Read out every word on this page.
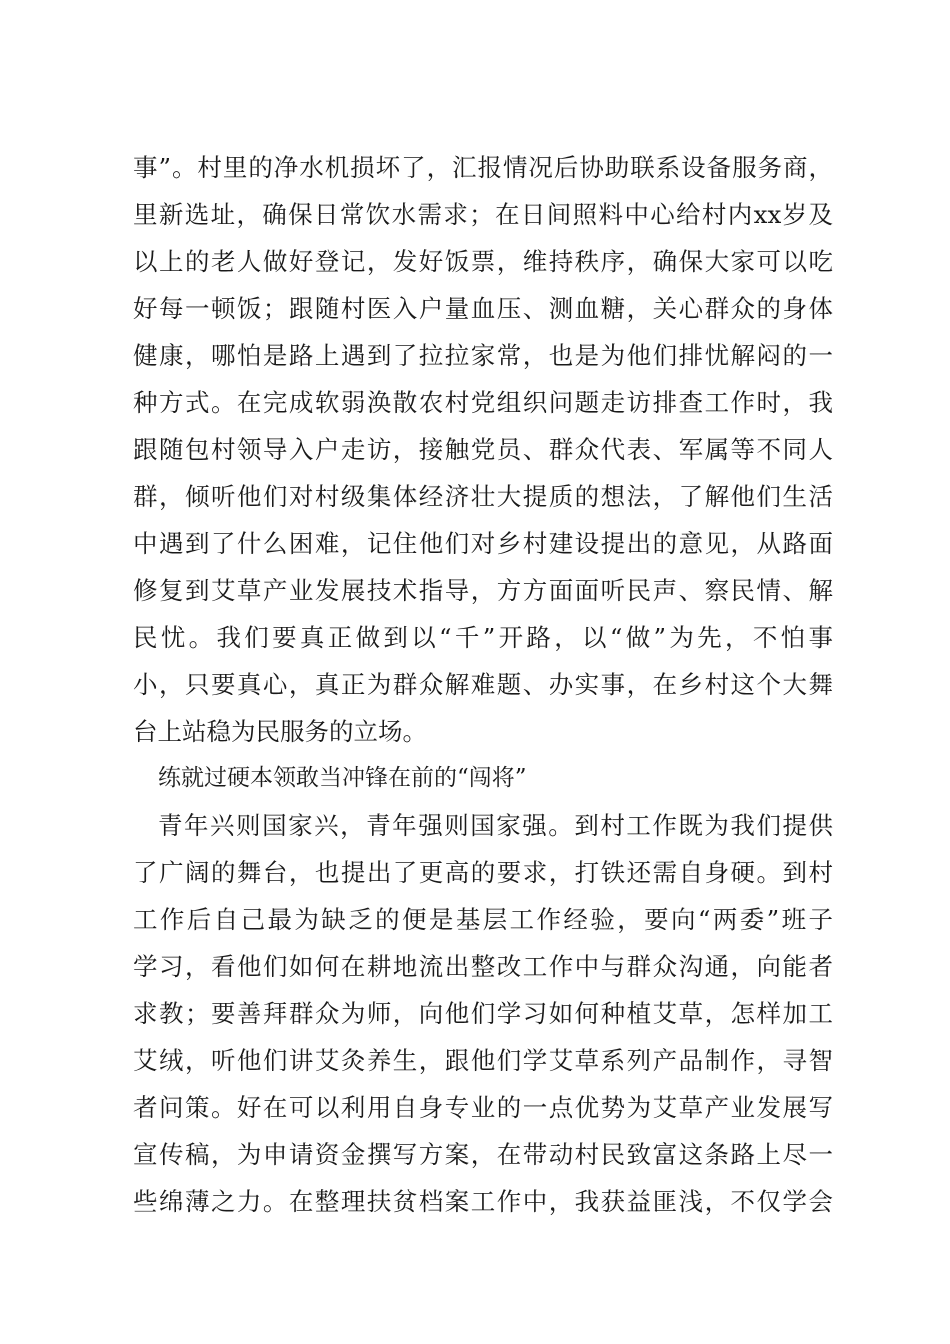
事”。村里的净水机损坏了，汇报情况后协助联系设备服务商，
里新选址，确保日常饮水需求；在日间照料中心给村内xx岁及
以上的老人做好登记，发好饭票，维持秩序，确保大家可以吃
好每一顿饭；跟随村医入户量血压、测血糖，关心群众的身体
健康，哪怕是路上遇到了拉拉家常，也是为他们排忧解闷的一
种方式。在完成软弱涣散农村党组织问题走访排查工作时，我
跟随包村领导入户走访，接触党员、群众代表、军属等不同人
群，倾听他们对村级集体经济壮大提质的想法，了解他们生活
中遇到了什么困难，记住他们对乡村建设提出的意见，从路面
修复到艾草产业发展技术指导，方方面面听民声、察民情、解
民忧。我们要真正做到以“千”开路，以“做”为先，不怕事
小，只要真心，真正为群众解难题、办实事，在乡村这个大舞
台上站稳为民服务的立场。
练就过硬本领敢当冲锋在前的“闯将”
青年兴则国家兴，青年强则国家强。到村工作既为我们提供
了广阔的舞台，也提出了更高的要求，打铁还需自身硬。到村
工作后自己最为缺乏的便是基层工作经验，要向“两委”班子
学习，看他们如何在耕地流出整改工作中与群众沟通，向能者
求教；要善拜群众为师，向他们学习如何种植艾草，怎样加工
艾绒，听他们讲艾灸养生，跟他们学艾草系列产品制作，寻智
者问策。好在可以利用自身专业的一点优势为艾草产业发展写
宣传稿，为申请资金撰写方案，在带动村民致富这条路上尽一
些绵薄之力。在整理扶贫档案工作中，我获益匪浅，不仅学会
